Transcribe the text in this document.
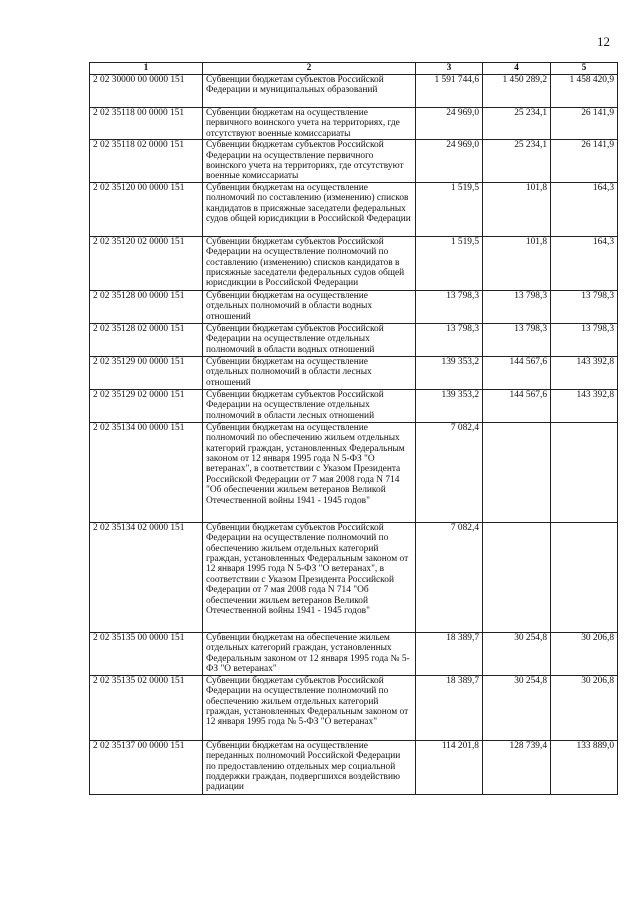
12
1	2	3	4	5
2 02 30000 00 0000 151	Субвенции бюджетам субъектов Российской Федерации и муниципальных образований	1 591 744,6	1 450 289,2	1 458 420,9
2 02 35118 00 0000 151	Субвенции бюджетам на осуществление первичного воинского учета на территориях, где отсутствуют военные комиссариаты	24 969,0	25 234,1	26 141,9
2 02 35118 02 0000 151	Субвенции бюджетам субъектов Российской Федерации на осуществление первичного воинского учета на территориях, где отсутствуют военные комиссариаты	24 969,0	25 234,1	26 141,9
2 02 35120 00 0000 151	Субвенции бюджетам на осуществление полномочий по составлению (изменению) списков кандидатов в присяжные заседатели федеральных судов общей юрисдикции в Российской Федерации	1 519,5	101,8	164,3
2 02 35120 02 0000 151	Субвенции бюджетам субъектов Российской Федерации на осуществление полномочий по составлению (изменению) списков кандидатов в присяжные заседатели федеральных судов общей юрисдикции в Российской Федерации	1 519,5	101,8	164,3
2 02 35128 00 0000 151	Субвенции бюджетам на осуществление отдельных полномочий в области водных отношений	13 798,3	13 798,3	13 798,3
2 02 35128 02 0000 151	Субвенции бюджетам субъектов Российской Федерации на осуществление отдельных полномочий в области водных отношений	13 798,3	13 798,3	13 798,3
2 02 35129 00 0000 151	Субвенции бюджетам на осуществление отдельных полномочий в области лесных отношений	139 353,2	144 567,6	143 392,8
2 02 35129 02 0000 151	Субвенции бюджетам субъектов Российской Федерации на осуществление отдельных полномочий в области лесных отношений	139 353,2	144 567,6	143 392,8
2 02 35134 00 0000 151	Субвенции бюджетам на осуществление полномочий по обеспечению жильем отдельных категорий граждан, установленных Федеральным законом от 12 января 1995 года N 5-ФЗ "О ветеранах", в соответствии с Указом Президента Российской Федерации от 7 мая 2008 года N 714 "Об обеспечении жильем ветеранов Великой Отечественной войны 1941 - 1945 годов"	7 082,4		
2 02 35134 02 0000 151	Субвенции бюджетам субъектов Российской Федерации на осуществление полномочий по обеспечению жильем отдельных категорий граждан, установленных Федеральным законом от 12 января 1995 года N 5-ФЗ "О ветеранах", в соответствии с Указом Президента Российской Федерации от 7 мая 2008 года N 714 "Об обеспечении жильем ветеранов Великой Отечественной войны 1941 - 1945 годов"	7 082,4		
2 02 35135 00 0000 151	Субвенции бюджетам на обеспечение жильем отдельных категорий граждан, установленных Федеральным законом от 12 января 1995 года № 5-ФЗ "О ветеранах"	18 389,7	30 254,8	30 206,8
2 02 35135 02 0000 151	Субвенции бюджетам субъектов Российской Федерации на осуществление полномочий по обеспечению жильем отдельных категорий граждан, установленных Федеральным законом от 12 января 1995 года № 5-ФЗ "О ветеранах"	18 389,7	30 254,8	30 206,8
2 02 35137 00 0000 151	Субвенции бюджетам на осуществление переданных полномочий Российской Федерации по предоставлению отдельных мер социальной поддержки граждан, подвергшихся воздействию радиации	114 201,8	128 739,4	133 889,0
